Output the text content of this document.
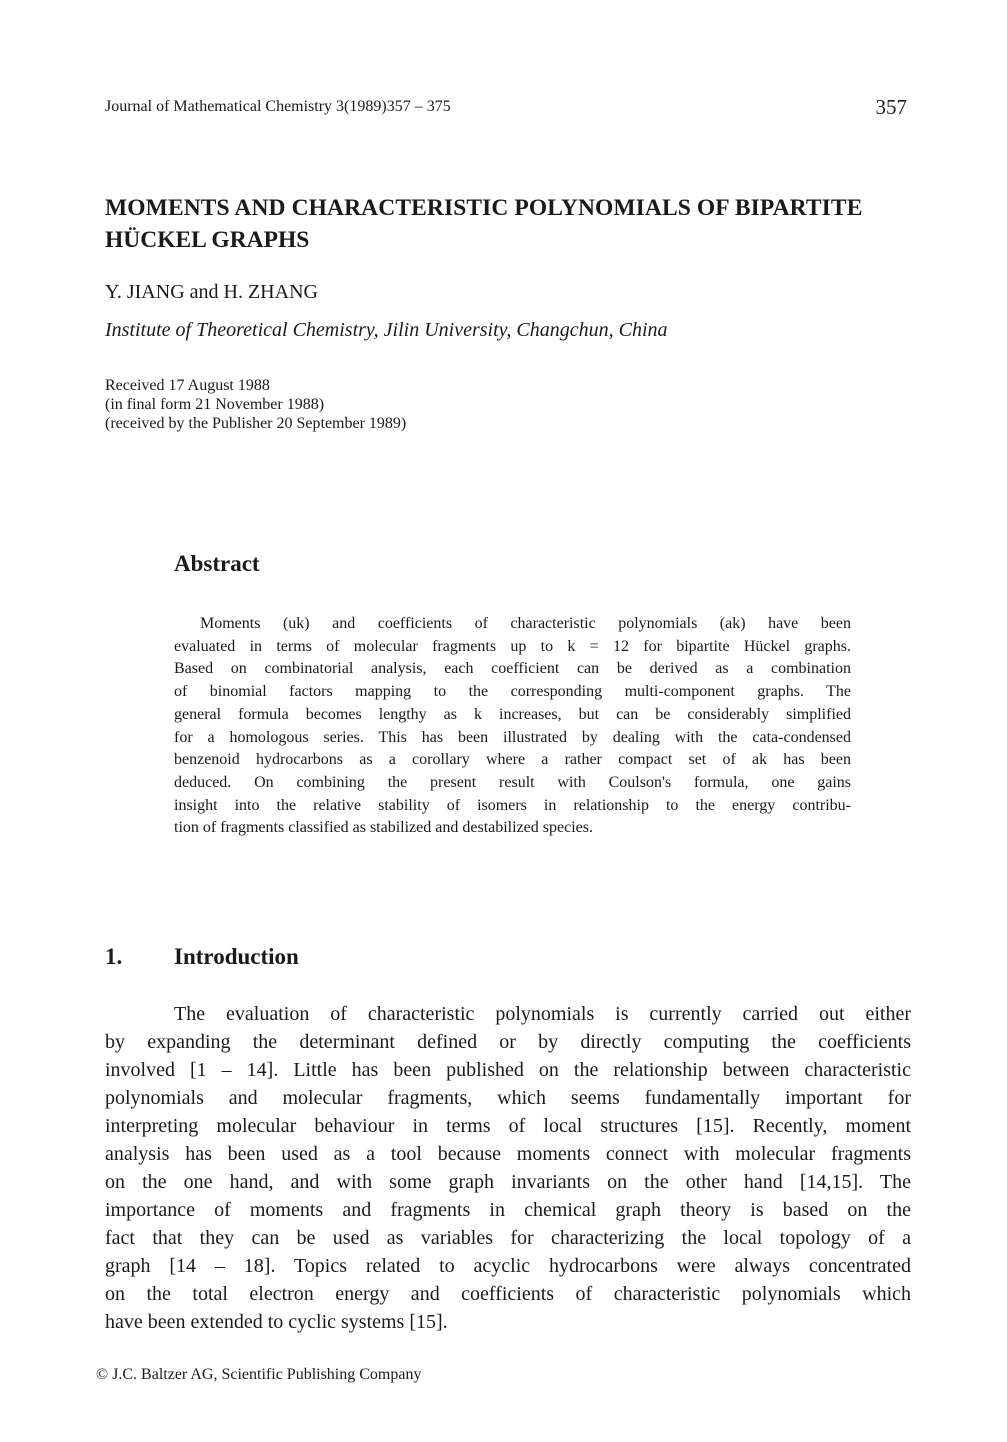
Journal of Mathematical Chemistry 3(1989)357 – 375	357
MOMENTS AND CHARACTERISTIC POLYNOMIALS OF BIPARTITE
HÜCKEL GRAPHS
Y. JIANG and H. ZHANG
Institute of Theoretical Chemistry, Jilin University, Changchun, China
Received 17 August 1988
(in final form 21 November 1988)
(received by the Publisher 20 September 1989)
Abstract
Moments (uk) and coefficients of characteristic polynomials (ak) have been
evaluated in terms of molecular fragments up to k = 12 for bipartite Hückel graphs.
Based on combinatorial analysis, each coefficient can be derived as a combination
of binomial factors mapping to the corresponding multi-component graphs. The
general formula becomes lengthy as k increases, but can be considerably simplified
for a homologous series. This has been illustrated by dealing with the cata-condensed
benzenoid hydrocarbons as a corollary where a rather compact set of ak has been
deduced. On combining the present result with Coulson's formula, one gains
insight into the relative stability of isomers in relationship to the energy contribu-
tion of fragments classified as stabilized and destabilized species.
1. Introduction
The evaluation of characteristic polynomials is currently carried out either
by expanding the determinant defined or by directly computing the coefficients
involved [1 – 14]. Little has been published on the relationship between characteristic
polynomials and molecular fragments, which seems fundamentally important for
interpreting molecular behaviour in terms of local structures [15]. Recently, moment
analysis has been used as a tool because moments connect with molecular fragments
on the one hand, and with some graph invariants on the other hand [14,15]. The
importance of moments and fragments in chemical graph theory is based on the
fact that they can be used as variables for characterizing the local topology of a
graph [14 – 18]. Topics related to acyclic hydrocarbons were always concentrated
on the total electron energy and coefficients of characteristic polynomials which
have been extended to cyclic systems [15].
© J.C. Baltzer AG, Scientific Publishing Company
